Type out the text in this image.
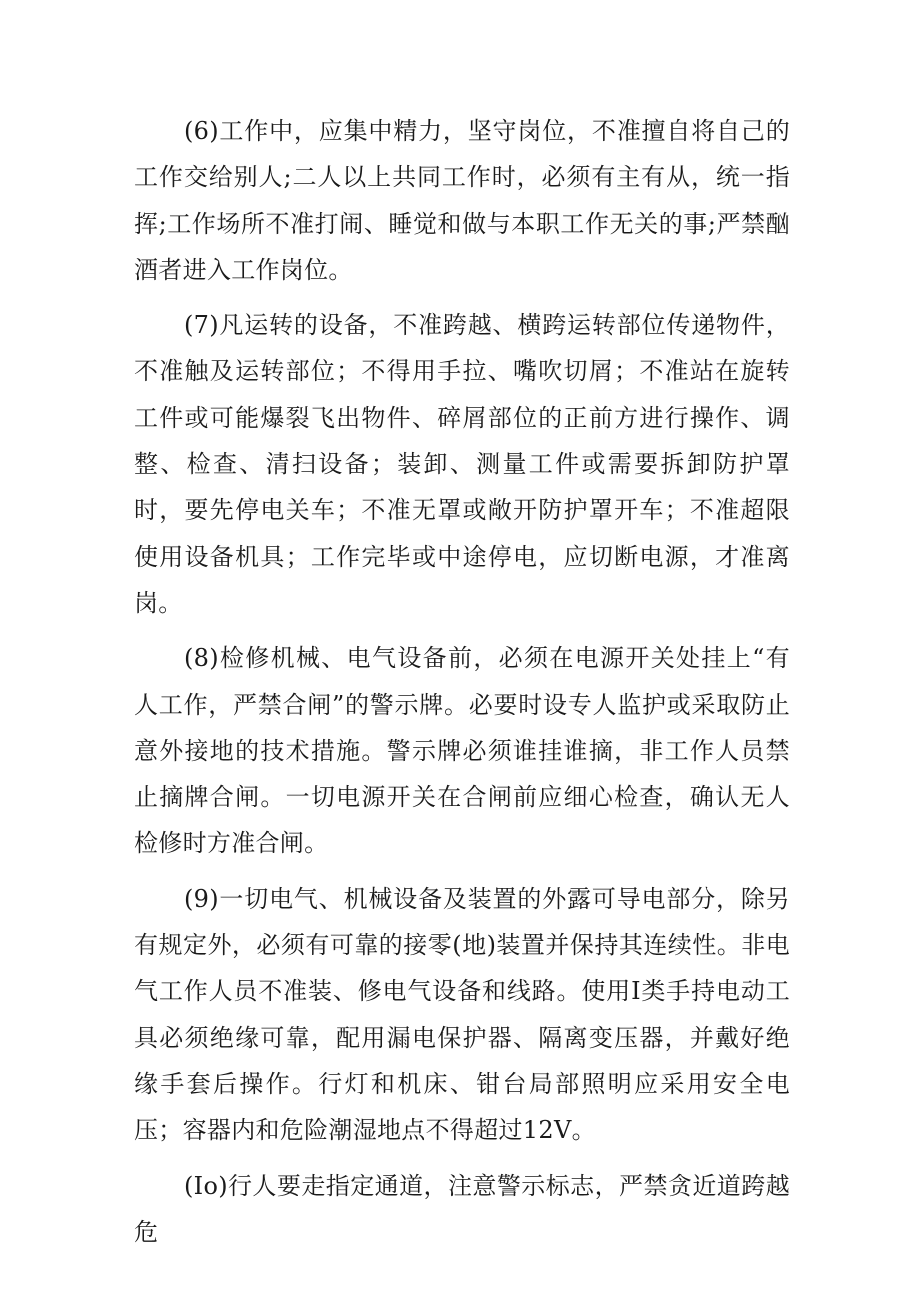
(6)工作中，应集中精力，坚守岗位，不准擅自将自己的工作交给别人;二人以上共同工作时，必须有主有从，统一指挥;工作场所不准打闹、睡觉和做与本职工作无关的事;严禁酗酒者进入工作岗位。

(7)凡运转的设备，不准跨越、横跨运转部位传递物件，不准触及运转部位；不得用手拉、嘴吹切屑；不准站在旋转工件或可能爆裂飞出物件、碎屑部位的正前方进行操作、调整、检查、清扫设备；装卸、测量工件或需要拆卸防护罩时，要先停电关车；不准无罩或敞开防护罩开车；不准超限使用设备机具；工作完毕或中途停电，应切断电源，才准离岗。

(8)检修机械、电气设备前，必须在电源开关处挂上“有人工作，严禁合闸”的警示牌。必要时设专人监护或采取防止意外接地的技术措施。警示牌必须谁挂谁摘，非工作人员禁止摘牌合闸。一切电源开关在合闸前应细心检查，确认无人检修时方准合闸。

(9)一切电气、机械设备及装置的外露可导电部分，除另有规定外，必须有可靠的接零(地)装置并保持其连续性。非电气工作人员不准装、修电气设备和线路。使用I类手持电动工具必须绝缘可靠，配用漏电保护器、隔离变压器，并戴好绝缘手套后操作。行灯和机床、钳台局部照明应采用安全电压；容器内和危险潮湿地点不得超过12V。

(Io)行人要走指定通道，注意警示标志，严禁贪近道跨越危
